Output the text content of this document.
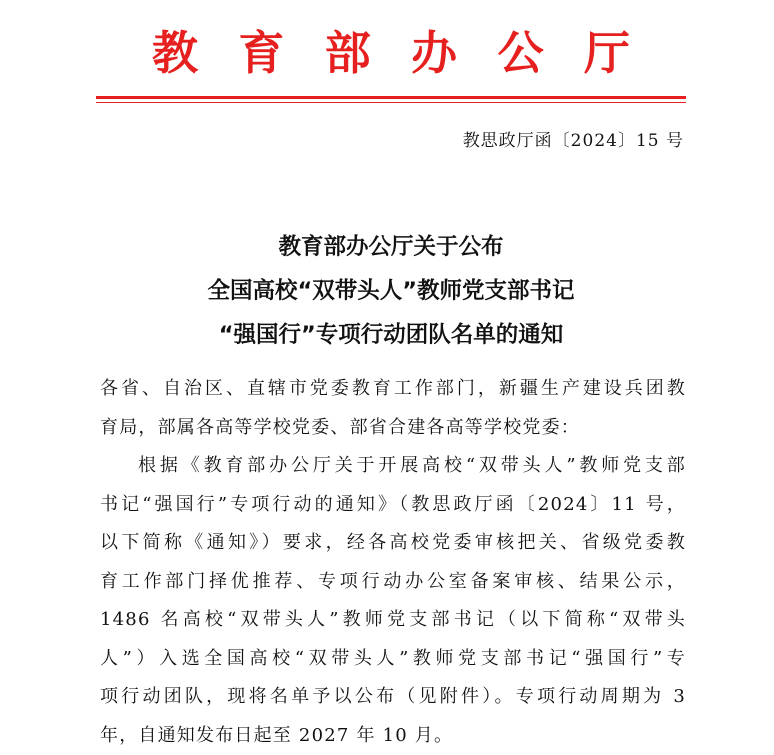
教 育 部 办 公 厅
教思政厅函〔2024〕15 号
教育部办公厅关于公布
全国高校“双带头人”教师党支部书记
“强国行”专项行动团队名单的通知
各省、自治区、直辖市党委教育工作部门，新疆生产建设兵团教
育局，部属各高等学校党委、部省合建各高等学校党委：
根据《教育部办公厅关于开展高校“双带头人”教师党支部
书记“强国行”专项行动的通知》（教思政厅函〔2024〕11 号，
以下简称《通知》）要求，经各高校党委审核把关、省级党委教
育工作部门择优推荐、专项行动办公室备案审核、结果公示，
1486 名高校“双带头人”教师党支部书记（以下简称“双带头
人”）入选全国高校“双带头人”教师党支部书记“强国行”专
项行动团队，现将名单予以公布（见附件）。专项行动周期为 3
年，自通知发布日起至 2027 年 10 月。
